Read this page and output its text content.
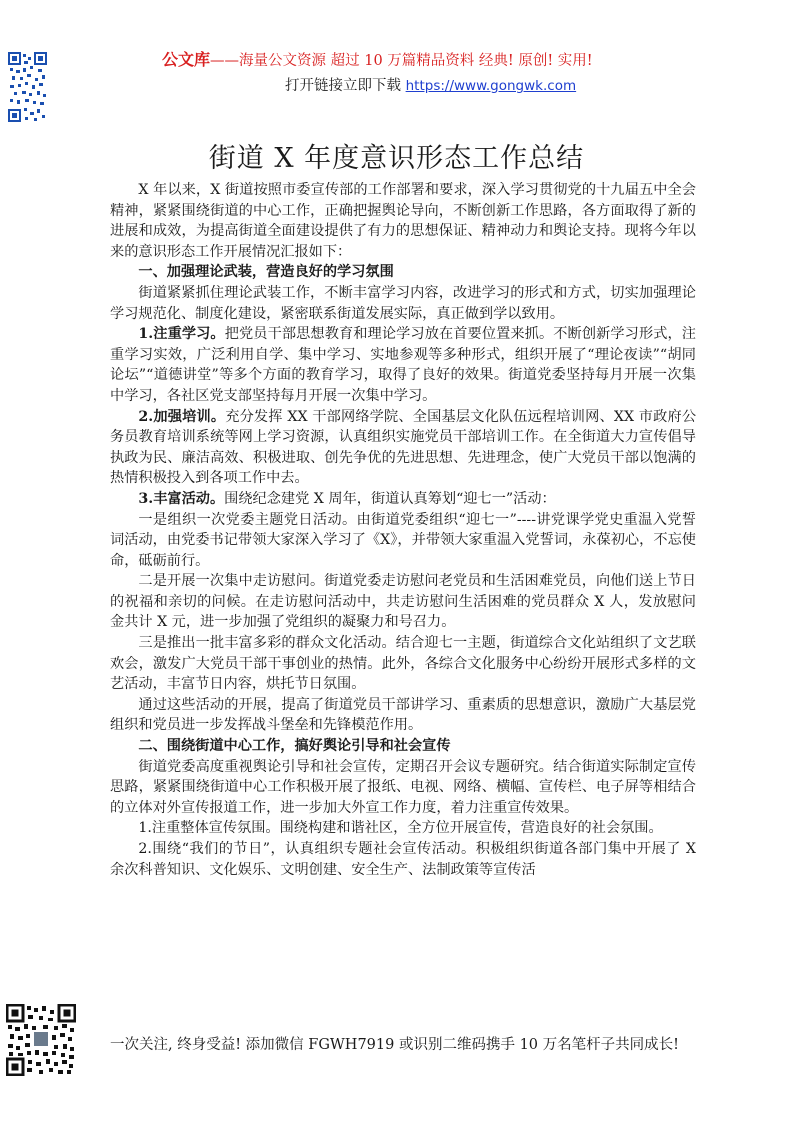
公文库——海量公文资源 超过 10 万篇精品资料 经典! 原创! 实用!
打开链接立即下载 https://www.gongwk.com
街道 X 年度意识形态工作总结

X 年以来，X 街道按照市委宣传部的工作部署和要求，深入学习贯彻党的十九届五中全会精神，紧紧围绕街道的中心工作，正确把握舆论导向，不断创新工作思路，各方面取得了新的进展和成效，为提高街道全面建设提供了有力的思想保证、精神动力和舆论支持。现将今年以来的意识形态工作开展情况汇报如下：

一、加强理论武装，营造良好的学习氛围

街道紧紧抓住理论武装工作，不断丰富学习内容，改进学习的形式和方式，切实加强理论学习规范化、制度化建设，紧密联系街道发展实际，真正做到学以致用。

1.注重学习。把党员干部思想教育和理论学习放在首要位置来抓。不断创新学习形式，注重学习实效，广泛利用自学、集中学习、实地参观等多种形式，组织开展了“理论夜读”“胡同论坛”“道德讲堂”等多个方面的教育学习，取得了良好的效果。街道党委坚持每月开展一次集中学习，各社区党支部坚持每月开展一次集中学习。

2.加强培训。充分发挥 XX 干部网络学院、全国基层文化队伍远程培训网、XX 市政府公务员教育培训系统等网上学习资源，认真组织实施党员干部培训工作。在全街道大力宣传倡导执政为民、廉洁高效、积极进取、创先争优的先进思想、先进理念，使广大党员干部以饱满的热情积极投入到各项工作中去。

3.丰富活动。围绕纪念建党 X 周年，街道认真筹划“迎七一”活动：

一是组织一次党委主题党日活动。由街道党委组织“迎七一”----讲党课学党史重温入党誓词活动，由党委书记带领大家深入学习了《X》，并带领大家重温入党誓词，永葆初心，不忘使命，砥砺前行。

二是开展一次集中走访慰问。街道党委走访慰问老党员和生活困难党员，向他们送上节日的祝福和亲切的问候。在走访慰问活动中，共走访慰问生活困难的党员群众 X 人，发放慰问金共计 X 元，进一步加强了党组织的凝聚力和号召力。

三是推出一批丰富多彩的群众文化活动。结合迎七一主题，街道综合文化站组织了文艺联欢会，激发广大党员干部干事创业的热情。此外，各综合文化服务中心纷纷开展形式多样的文艺活动，丰富节日内容，烘托节日氛围。

通过这些活动的开展，提高了街道党员干部讲学习、重素质的思想意识，激励广大基层党组织和党员进一步发挥战斗堡垒和先锋模范作用。

二、围绕街道中心工作，搞好舆论引导和社会宣传

街道党委高度重视舆论引导和社会宣传，定期召开会议专题研究。结合街道实际制定宣传思路，紧紧围绕街道中心工作积极开展了报纸、电视、网络、横幅、宣传栏、电子屏等相结合的立体对外宣传报道工作，进一步加大外宣工作力度，着力注重宣传效果。

1.注重整体宣传氛围。围绕构建和谐社区，全方位开展宣传，营造良好的社会氛围。

2.围绕“我们的节日”，认真组织专题社会宣传活动。积极组织街道各部门集中开展了 X 余次科普知识、文化娱乐、文明创建、安全生产、法制政策等宣传活

一次关注, 终身受益! 添加微信 FGWH7919 或识别二维码携手 10 万名笔杆子共同成长!
